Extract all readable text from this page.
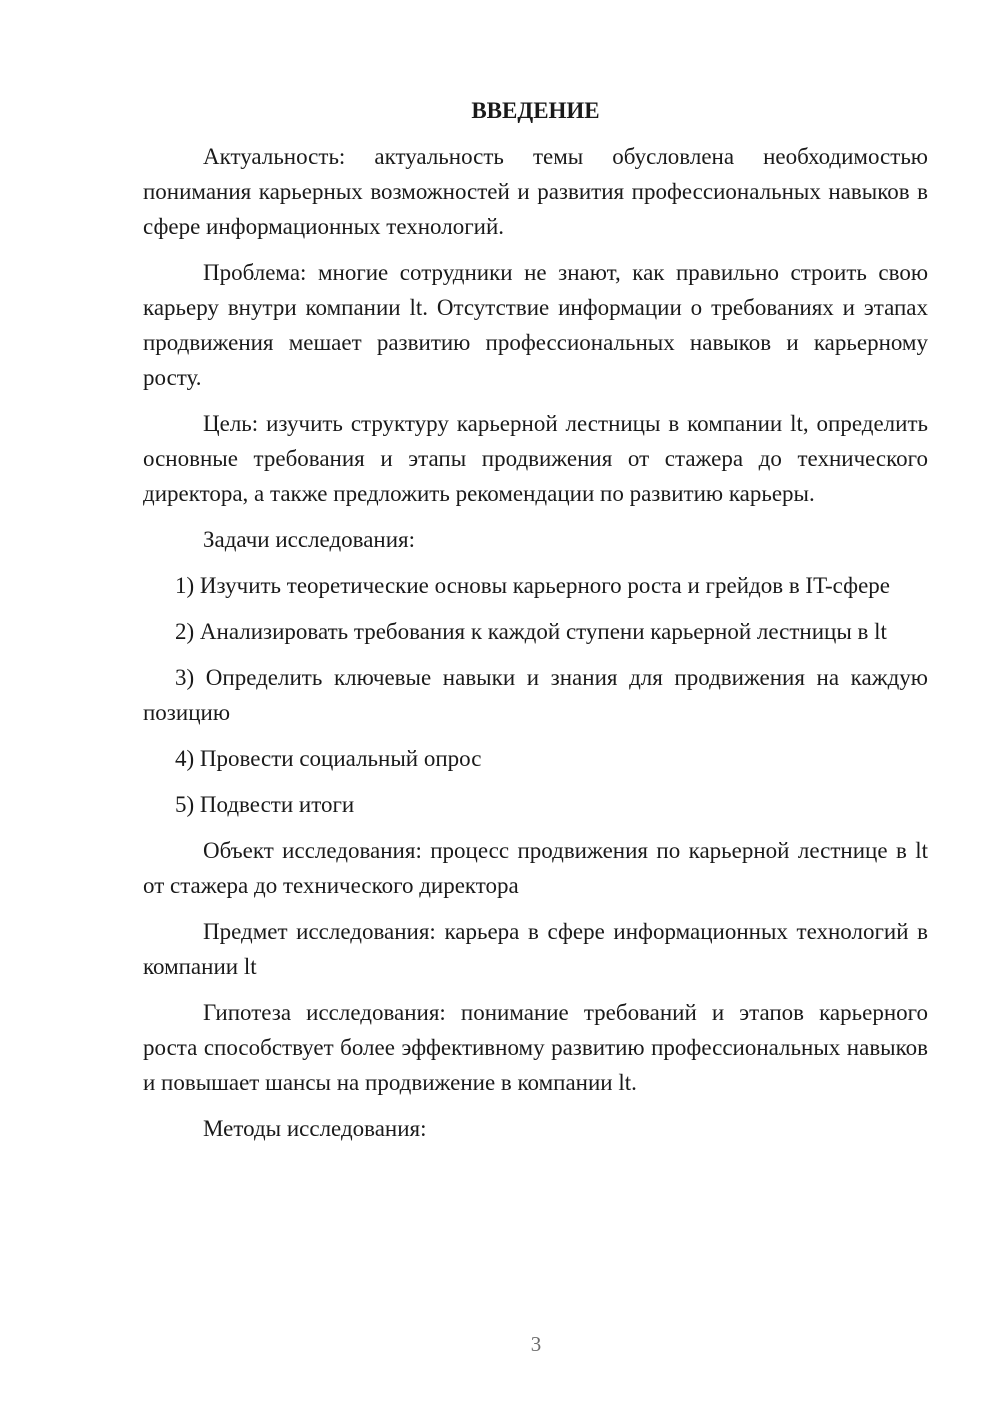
ВВЕДЕНИЕ

Актуальность: актуальность темы обусловлена необходимостью понимания карьерных возможностей и развития профессиональных навыков в сфере информационных технологий.

Проблема: многие сотрудники не знают, как правильно строить свою карьеру внутри компании lt. Отсутствие информации о требованиях и этапах продвижения мешает развитию профессиональных навыков и карьерному росту.

Цель: изучить структуру карьерной лестницы в компании lt, определить основные требования и этапы продвижения от стажера до технического директора, а также предложить рекомендации по развитию карьеры.

Задачи исследования:

1) Изучить теоретические основы карьерного роста и грейдов в IT-сфере

2) Анализировать требования к каждой ступени карьерной лестницы в lt

3) Определить ключевые навыки и знания для продвижения на каждую позицию

4) Провести социальный опрос

5) Подвести итоги

Объект исследования: процесс продвижения по карьерной лестнице в lt от стажера до технического директора

Предмет исследования: карьера в сфере информационных технологий в компании lt

Гипотеза исследования: понимание требований и этапов карьерного роста способствует более эффективному развитию профессиональных навыков и повышает шансы на продвижение в компании lt.

Методы исследования:

3
